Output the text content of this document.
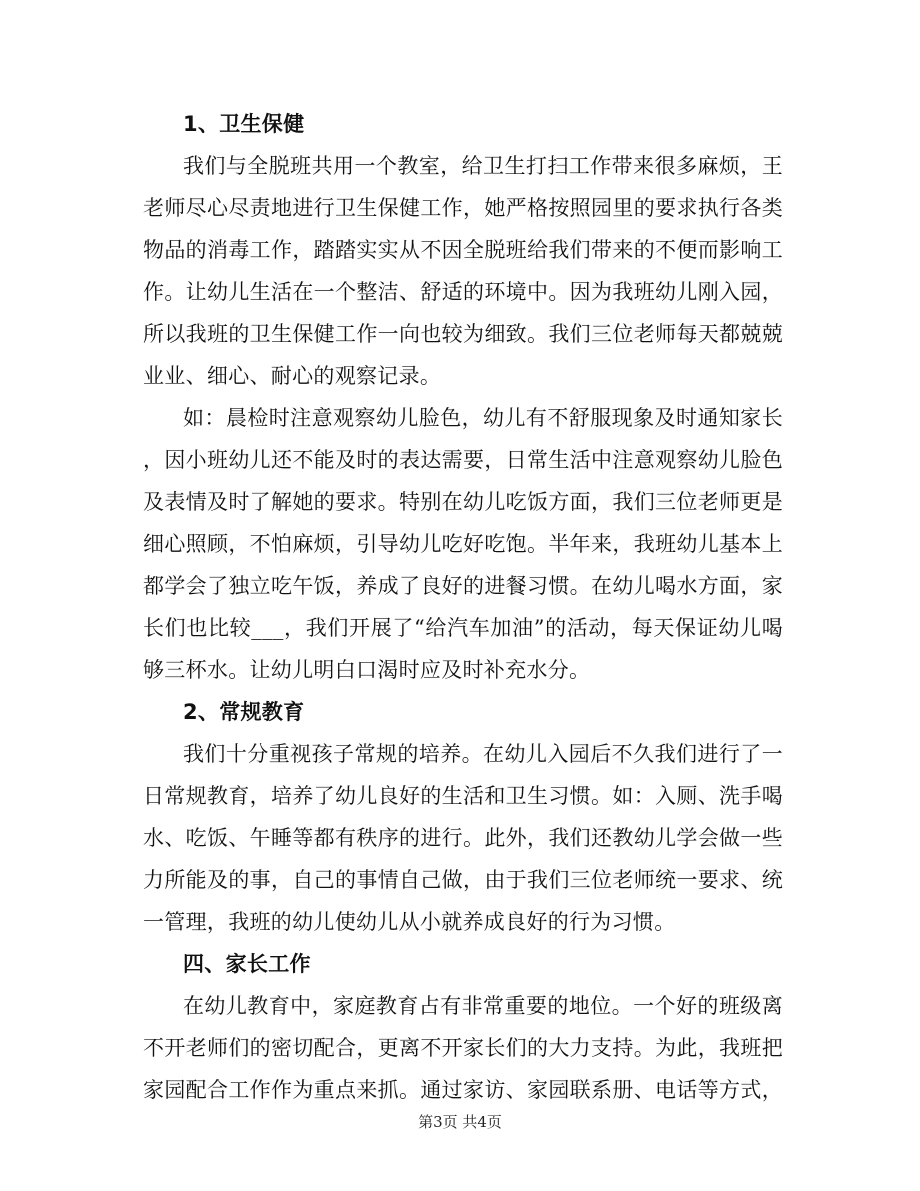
1、卫生保健
我们与全脱班共用一个教室，给卫生打扫工作带来很多麻烦，王
老师尽心尽责地进行卫生保健工作，她严格按照园里的要求执行各类
物品的消毒工作，踏踏实实从不因全脱班给我们带来的不便而影响工
作。让幼儿生活在一个整洁、舒适的环境中。因为我班幼儿刚入园，
所以我班的卫生保健工作一向也较为细致。我们三位老师每天都兢兢
业业、细心、耐心的观察记录。
如：晨检时注意观察幼儿脸色，幼儿有不舒服现象及时通知家长
，因小班幼儿还不能及时的表达需要，日常生活中注意观察幼儿脸色
及表情及时了解她的要求。特别在幼儿吃饭方面，我们三位老师更是
细心照顾，不怕麻烦，引导幼儿吃好吃饱。半年来，我班幼儿基本上
都学会了独立吃午饭，养成了良好的进餐习惯。在幼儿喝水方面，家
长们也比较___，我们开展了“给汽车加油”的活动，每天保证幼儿喝
够三杯水。让幼儿明白口渴时应及时补充水分。
2、常规教育
我们十分重视孩子常规的培养。在幼儿入园后不久我们进行了一
日常规教育，培养了幼儿良好的生活和卫生习惯。如：入厕、洗手喝
水、吃饭、午睡等都有秩序的进行。此外，我们还教幼儿学会做一些
力所能及的事，自己的事情自己做，由于我们三位老师统一要求、统
一管理，我班的幼儿使幼儿从小就养成良好的行为习惯。
四、家长工作
在幼儿教育中，家庭教育占有非常重要的地位。一个好的班级离
不开老师们的密切配合，更离不开家长们的大力支持。为此，我班把
家园配合工作作为重点来抓。通过家访、家园联系册、电话等方式，
第3页 共4页
